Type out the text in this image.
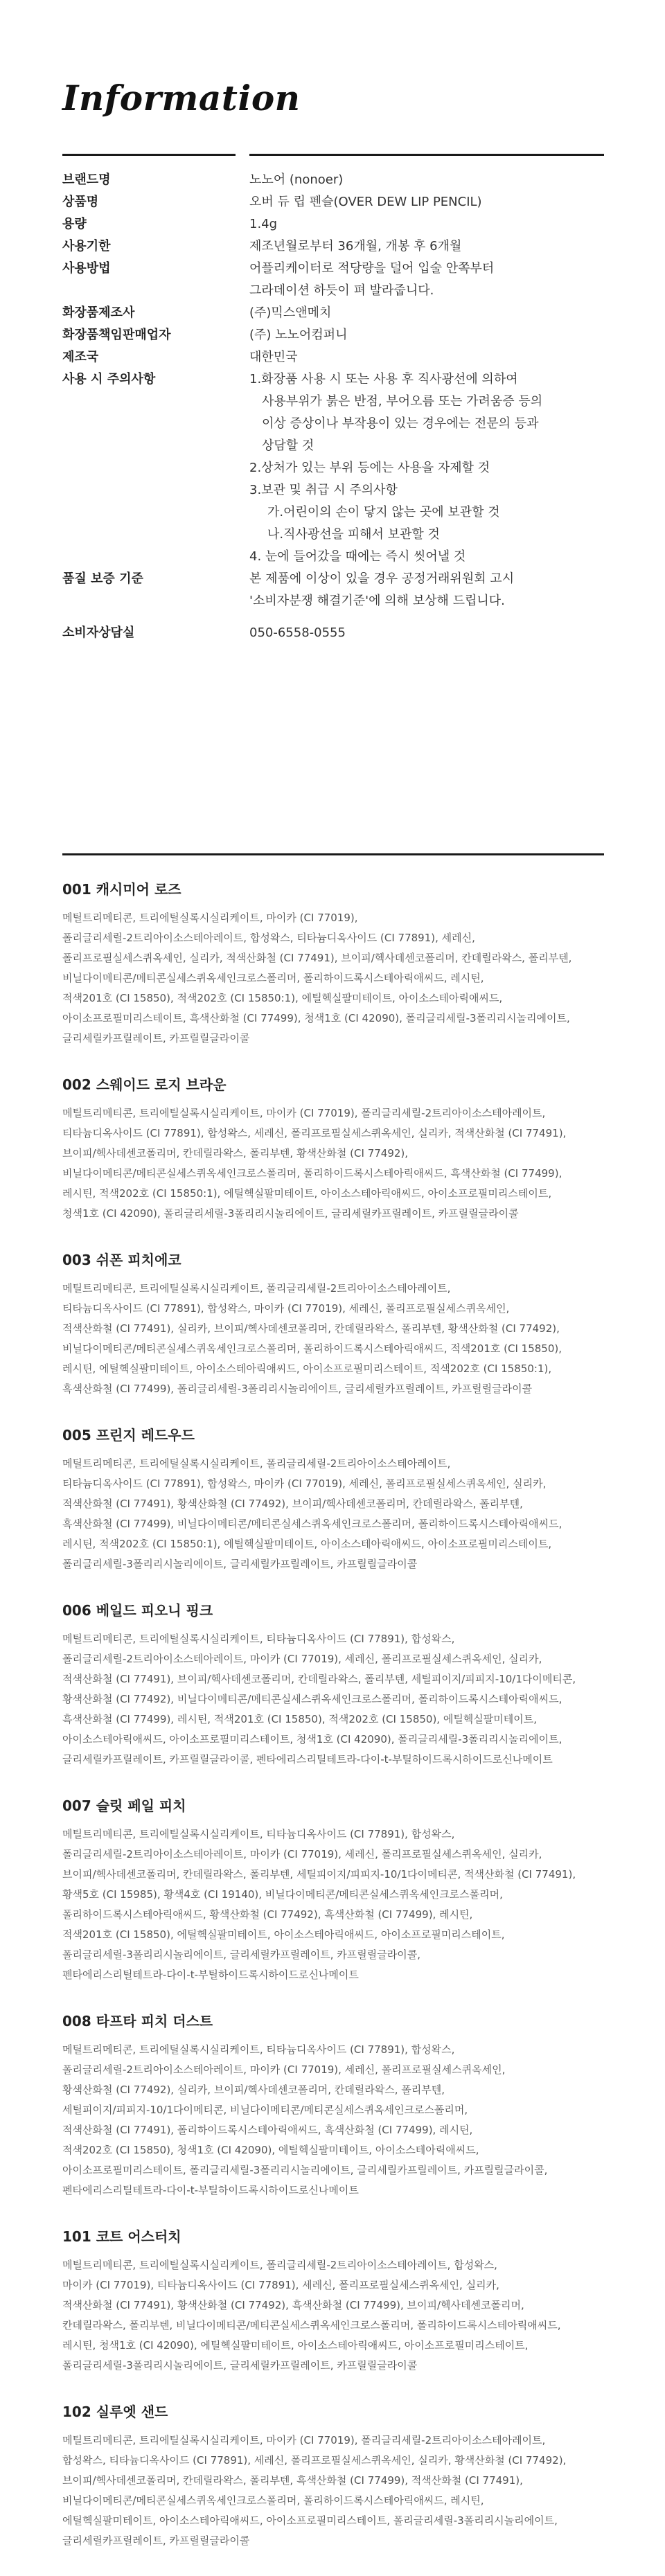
Information
브랜드명	노노어 (nonoer)
상품명	오버 듀 립 펜슬(OVER DEW LIP PENCIL)
용량	1.4g
사용기한	제조년월로부터 36개월, 개봉 후 6개월
사용방법	어플리케이터로 적당량을 덜어 입술 안쪽부터
그라데이션 하듯이 펴 발라줍니다.
화장품제조사	(주)믹스앤메치
화장품책임판매업자	(주) 노노어컴퍼니
제조국	대한민국
사용 시 주의사항	1.화장품 사용 시 또는 사용 후 직사광선에 의하여
사용부위가 붉은 반점, 부어오름 또는 가려움증 등의
이상 증상이나 부작용이 있는 경우에는 전문의 등과
상담할 것
2.상처가 있는 부위 등에는 사용을 자제할 것
3.보관 및 취급 시 주의사항
가.어린이의 손이 닿지 않는 곳에 보관할 것
나.직사광선을 피해서 보관할 것
4. 눈에 들어갔을 때에는 즉시 씻어낼 것
품질 보증 기준	본 제품에 이상이 있을 경우 공정거래위원회 고시
'소비자분쟁 해결기준'에 의해 보상해 드립니다.
소비자상담실	050-6558-0555
001 캐시미어 로즈
메틸트리메티콘, 트리에틸실록시실리케이트, 마이카 (CI 77019),
폴리글리세릴-2트리아이소스테아레이트, 합성왁스, 티타늄디옥사이드 (CI 77891), 세레신,
폴리프로필실세스퀴옥세인, 실리카, 적색산화철 (CI 77491), 브이피/헥사데센코폴리머, 칸데릴라왁스, 폴리부텐,
비닐다이메티콘/메티콘실세스퀴옥세인크로스폴리머, 폴리하이드록시스테아릭애씨드, 레시틴,
적색201호 (CI 15850), 적색202호 (CI 15850:1), 에틸헥실팔미테이트, 아이소스테아릭애씨드,
아이소프로필미리스테이트, 흑색산화철 (CI 77499), 청색1호 (CI 42090), 폴리글리세릴-3폴리리시놀리에이트,
글리세릴카프릴레이트, 카프릴릴글라이콜
002 스웨이드 로지 브라운
메틸트리메티콘, 트리에틸실록시실리케이트, 마이카 (CI 77019), 폴리글리세릴-2트리아이소스테아레이트,
티타늄디옥사이드 (CI 77891), 합성왁스, 세레신, 폴리프로필실세스퀴옥세인, 실리카, 적색산화철 (CI 77491),
브이피/헥사데센코폴리머, 칸데릴라왁스, 폴리부텐, 황색산화철 (CI 77492),
비닐다이메티콘/메티콘실세스퀴옥세인크로스폴리머, 폴리하이드록시스테아릭애씨드, 흑색산화철 (CI 77499),
레시틴, 적색202호 (CI 15850:1), 에틸헥실팔미테이트, 아이소스테아릭애씨드, 아이소프로필미리스테이트,
청색1호 (CI 42090), 폴리글리세릴-3폴리리시놀리에이트, 글리세릴카프릴레이트, 카프릴릴글라이콜
003 쉬폰 피치에코
메틸트리메티콘, 트리에틸실록시실리케이트, 폴리글리세릴-2트리아이소스테아레이트,
티타늄디옥사이드 (CI 77891), 합성왁스, 마이카 (CI 77019), 세레신, 폴리프로필실세스퀴옥세인,
적색산화철 (CI 77491), 실리카, 브이피/헥사데센코폴리머, 칸데릴라왁스, 폴리부텐, 황색산화철 (CI 77492),
비닐다이메티콘/메티콘실세스퀴옥세인크로스폴리머, 폴리하이드록시스테아릭애씨드, 적색201호 (CI 15850),
레시틴, 에틸헥실팔미테이트, 아이소스테아릭애씨드, 아이소프로필미리스테이트, 적색202호 (CI 15850:1),
흑색산화철 (CI 77499), 폴리글리세릴-3폴리리시놀리에이트, 글리세릴카프릴레이트, 카프릴릴글라이콜
005 프린지 레드우드
메틸트리메티콘, 트리에틸실록시실리케이트, 폴리글리세릴-2트리아이소스테아레이트,
티타늄디옥사이드 (CI 77891), 합성왁스, 마이카 (CI 77019), 세레신, 폴리프로필실세스퀴옥세인, 실리카,
적색산화철 (CI 77491), 황색산화철 (CI 77492), 브이피/헥사데센코폴리머, 칸데릴라왁스, 폴리부텐,
흑색산화철 (CI 77499), 비닐다이메티콘/메티콘실세스퀴옥세인크로스폴리머, 폴리하이드록시스테아릭애씨드,
레시틴, 적색202호 (CI 15850:1), 에틸헥실팔미테이트, 아이소스테아릭애씨드, 아이소프로필미리스테이트,
폴리글리세릴-3폴리리시놀리에이트, 글리세릴카프릴레이트, 카프릴릴글라이콜
006 베일드 피오니 핑크
메틸트리메티콘, 트리에틸실록시실리케이트, 티타늄디옥사이드 (CI 77891), 합성왁스,
폴리글리세릴-2트리아이소스테아레이트, 마이카 (CI 77019), 세레신, 폴리프로필실세스퀴옥세인, 실리카,
적색산화철 (CI 77491), 브이피/헥사데센코폴리머, 칸데릴라왁스, 폴리부텐, 세틸피이지/피피지-10/1다이메티콘,
황색산화철 (CI 77492), 비닐다이메티콘/메티콘실세스퀴옥세인크로스폴리머, 폴리하이드록시스테아릭애씨드,
흑색산화철 (CI 77499), 레시틴, 적색201호 (CI 15850), 적색202호 (CI 15850), 에틸헥실팔미테이트,
아이소스테아릭애씨드, 아이소프로필미리스테이트, 청색1호 (CI 42090), 폴리글리세릴-3폴리리시놀리에이트,
글리세릴카프릴레이트, 카프릴릴글라이콜, 펜타에리스리틸테트라-다이-t-부틸하이드록시하이드로신나메이트
007 슬릿 페일 피치
메틸트리메티콘, 트리에틸실록시실리케이트, 티타늄디옥사이드 (CI 77891), 합성왁스,
폴리글리세릴-2트리아이소스테아레이트, 마이카 (CI 77019), 세레신, 폴리프로필실세스퀴옥세인, 실리카,
브이피/헥사데센코폴리머, 칸데릴라왁스, 폴리부텐, 세틸피이지/피피지-10/1다이메티콘, 적색산화철 (CI 77491),
황색5호 (CI 15985), 황색4호 (CI 19140), 비닐다이메티콘/메티콘실세스퀴옥세인크로스폴리머,
폴리하이드록시스테아릭애씨드, 황색산화철 (CI 77492), 흑색산화철 (CI 77499), 레시틴,
적색201호 (CI 15850), 에틸헥실팔미테이트, 아이소스테아릭애씨드, 아이소프로필미리스테이트,
폴리글리세릴-3폴리리시놀리에이트, 글리세릴카프릴레이트, 카프릴릴글라이콜,
펜타에리스리틸테트라-다이-t-부틸하이드록시하이드로신나메이트
008 타프타 피치 더스트
메틸트리메티콘, 트리에틸실록시실리케이트, 티타늄디옥사이드 (CI 77891), 합성왁스,
폴리글리세릴-2트리아이소스테아레이트, 마이카 (CI 77019), 세레신, 폴리프로필실세스퀴옥세인,
황색산화철 (CI 77492), 실리카, 브이피/헥사데센코폴리머, 칸데릴라왁스, 폴리부텐,
세틸피이지/피피지-10/1다이메티콘, 비닐다이메티콘/메티콘실세스퀴옥세인크로스폴리머,
적색산화철 (CI 77491), 폴리하이드록시스테아릭애씨드, 흑색산화철 (CI 77499), 레시틴,
적색202호 (CI 15850), 청색1호 (CI 42090), 에틸헥실팔미테이트, 아이소스테아릭애씨드,
아이소프로필미리스테이트, 폴리글리세릴-3폴리리시놀리에이트, 글리세릴카프릴레이트, 카프릴릴글라이콜,
펜타에리스리틸테트라-다이-t-부틸하이드록시하이드로신나메이트
101 코트 어스터치
메틸트리메티콘, 트리에틸실록시실리케이트, 폴리글리세릴-2트리아이소스테아레이트, 합성왁스,
마이카 (CI 77019), 티타늄디옥사이드 (CI 77891), 세레신, 폴리프로필실세스퀴옥세인, 실리카,
적색산화철 (CI 77491), 황색산화철 (CI 77492), 흑색산화철 (CI 77499), 브이피/헥사데센코폴리머,
칸데릴라왁스, 폴리부텐, 비닐다이메티콘/메티콘실세스퀴옥세인크로스폴리머, 폴리하이드록시스테아릭애씨드,
레시틴, 청색1호 (CI 42090), 에틸헥실팔미테이트, 아이소스테아릭애씨드, 아이소프로필미리스테이트,
폴리글리세릴-3폴리리시놀리에이트, 글리세릴카프릴레이트, 카프릴릴글라이콜
102 실루엣 샌드
메틸트리메티콘, 트리에틸실록시실리케이트, 마이카 (CI 77019), 폴리글리세릴-2트리아이소스테아레이트,
합성왁스, 티타늄디옥사이드 (CI 77891), 세레신, 폴리프로필실세스퀴옥세인, 실리카, 황색산화철 (CI 77492),
브이피/헥사데센코폴리머, 칸데릴라왁스, 폴리부텐, 흑색산화철 (CI 77499), 적색산화철 (CI 77491),
비닐다이메티콘/메티콘실세스퀴옥세인크로스폴리머, 폴리하이드록시스테아릭애씨드, 레시틴,
에틸헥실팔미테이트, 아이소스테아릭애씨드, 아이소프로필미리스테이트, 폴리글리세릴-3폴리리시놀리에이트,
글리세릴카프릴레이트, 카프릴릴글라이콜
